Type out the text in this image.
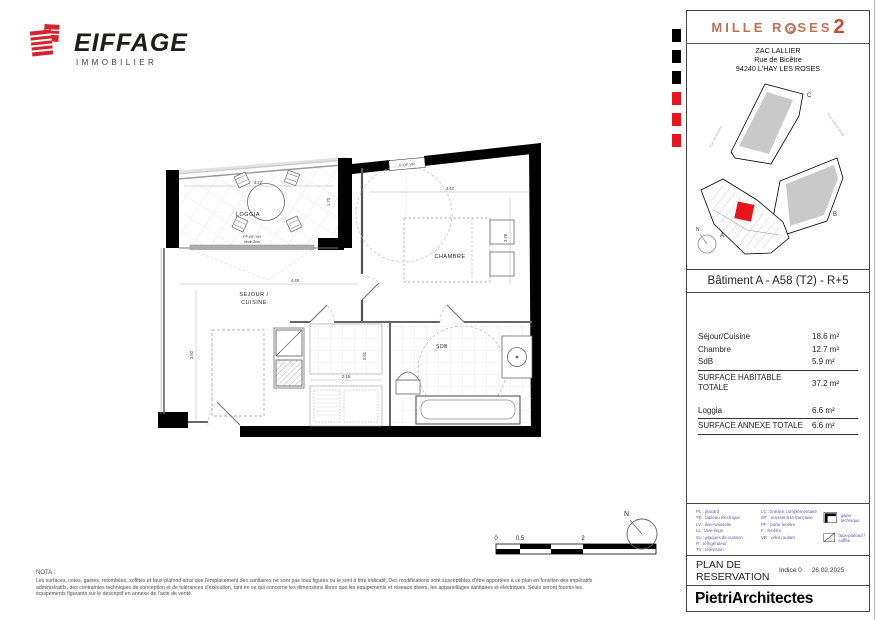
EIFFAGE
IMMOBILIER
F-OF-VR
PF-OF-VR
seuil<2cm
4.22
1.70
4.45
3.92
3.47
3.78
2.15
0.91
LOGGIA
SEJOUR /
CUISINE
CHAMBRE
SDB
0	0.5	2
N
NOTA :
Les surfaces, cotes, gaines, retombées, soffites et faux-plafond ainsi que l'emplacement des sanitaires ne sont pas tous figurés ou le sont à titre indicatif. Des modifications sont susceptibles d'être apportées à ce plan en fonction des impératifs
administratifs, des contraintes techniques de conception et de tolérances d'exécution, tant en ce qui concerne les dimensions libres que les équipements et réseaux divers, les appareillages sanitaires et électriques. Seuls seront fournis les
équipements figurants sur le descriptif en annexe de l'acte de vente.
MILLE R SES 2
ZAC LALLIER
Rue de Bicêtre
94240 L'HAY LES ROSES
C
B
A
Rue de Bicêtre	Rue Marcel Bault
N
Bâtiment A - A58 (T2) - R+5
Séjour/Cuisine	18.6 m²
Chambre	12.7 m²
SdB	5.9 m²
SURFACE HABITABLE TOTALE	37.2 m²
Loggia	6.6 m²
SURFACE ANNEXE TOTALE 6.6 m²
PL : placard
TE : tableau électrique
LV : lave-vaisselle
LL : lave-linge
Cu : plaques de cuisson
R : réfrigérateur
TV : télévision
LC : linéaire complémentaire
OF : ouvrant à la française
PF : porte fenêtre
F : fenêtre
VR : volet roulant
gaine technique
faux-plafond / soffite
PLAN DE
RESERVATION
Indice 0 26.02.2025
PietriArchitectes
